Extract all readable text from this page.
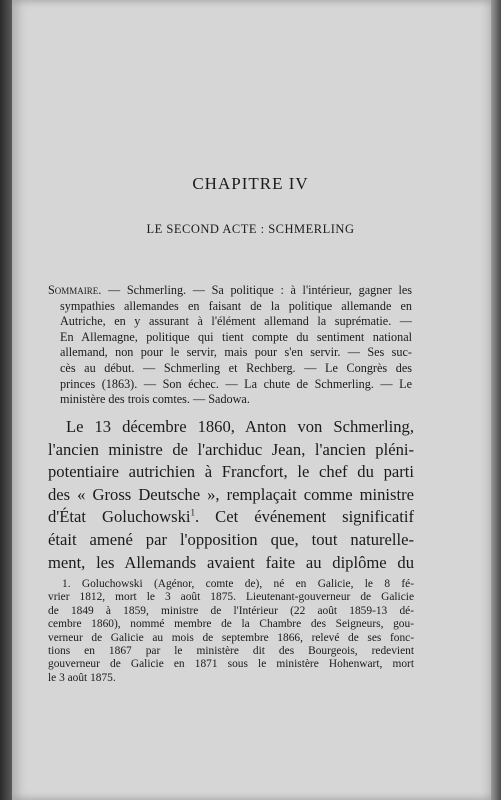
CHAPITRE IV
LE SECOND ACTE : SCHMERLING
Sommaire. — Schmerling. — Sa politique : à l'intérieur, gagner les
sympathies allemandes en faisant de la politique allemande en
Autriche, en y assurant à l'élément allemand la suprématie. —
En Allemagne, politique qui tient compte du sentiment national
allemand, non pour le servir, mais pour s'en servir. — Ses suc-
cès au début. — Schmerling et Rechberg. — Le Congrès des
princes (1863). — Son échec. — La chute de Schmerling. — Le
ministère des trois comtes. — Sadowa.
Le 13 décembre 1860, Anton von Schmerling,
l'ancien ministre de l'archiduc Jean, l'ancien pléni-
potentiaire autrichien à Francfort, le chef du parti
des « Gross Deutsche », remplaçait comme ministre
d'État Goluchowski$^1$. Cet événement significatif
était amené par l'opposition que, tout naturelle-
ment, les Allemands avaient faite au diplôme du
1. Goluchowski (Agénor, comte de), né en Galicie, le 8 fé-
vrier 1812, mort le 3 août 1875. Lieutenant-gouverneur de Galicie
de 1849 à 1859, ministre de l'Intérieur (22 août 1859-13 dé-
cembre 1860), nommé membre de la Chambre des Seigneurs, gou-
verneur de Galicie au mois de septembre 1866, relevé de ses fonc-
tions en 1867 par le ministère dit des Bourgeois, redevient
gouverneur de Galicie en 1871 sous le ministère Hohenwart, mort
le 3 août 1875.
